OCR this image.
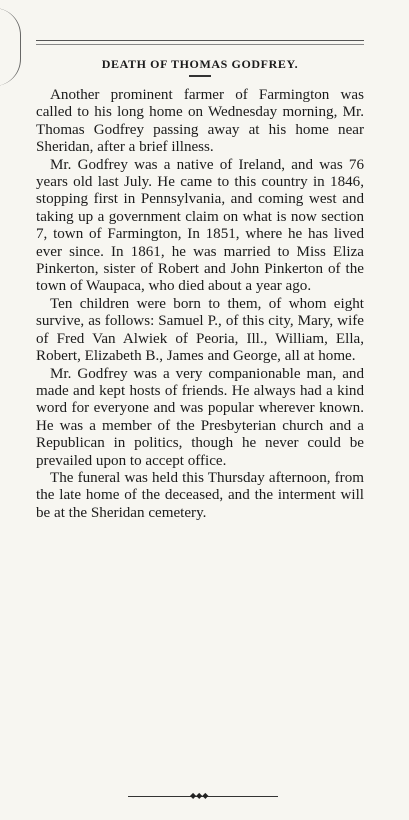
DEATH OF THOMAS GODFREY.

Another prominent farmer of Farmington was called to his long home on Wednesday morning, Mr. Thomas Godfrey passing away at his home near Sheridan, after a brief illness.

Mr. Godfrey was a native of Ireland, and was 76 years old last July. He came to this country in 1846, stopping first in Pennsylvania, and coming west and taking up a government claim on what is now section 7, town of Farmington, In 1851, where he has lived ever since. In 1861, he was married to Miss Eliza Pinkerton, sister of Robert and John Pinkerton of the town of Waupaca, who died about a year ago.

Ten children were born to them, of whom eight survive, as follows: Samuel P., of this city, Mary, wife of Fred Van Alwiek of Peoria, Ill., William, Ella, Robert, Elizabeth B., James and George, all at home.

Mr. Godfrey was a very companionable man, and made and kept hosts of friends. He always had a kind word for everyone and was popular wherever known. He was a member of the Presbyterian church and a Republican in politics, though he never could be prevailed upon to accept office.

The funeral was held this Thursday afternoon, from the late home of the deceased, and the interment will be at the Sheridan cemetery.

◆◆◆
